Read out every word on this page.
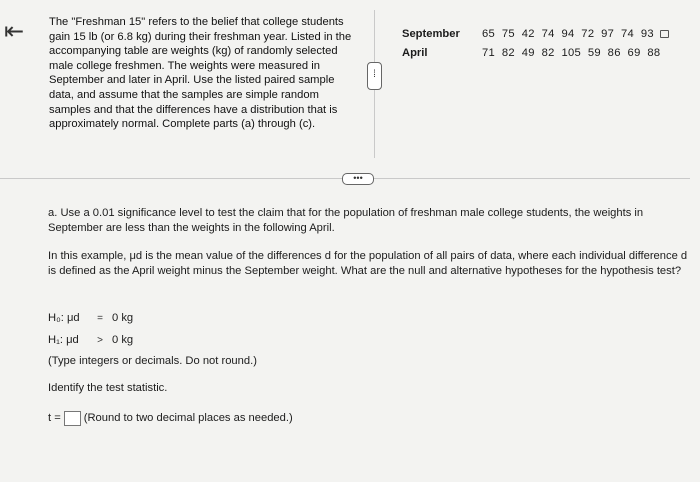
⇤ The "Freshman 15" refers to the belief that college students gain 15 lb (or 6.8 kg) during their freshman year. Listed in the accompanying table are weights (kg) of randomly selected male college freshmen. The weights were measured in September and later in April. Use the listed paired sample data, and assume that the samples are simple random samples and that the differences have a distribution that is approximately normal. Complete parts (a) through (c).
⁞
September	65  75  42  74  94  72  97  74  93
April	71  82  49  82  105  59  86  69  88
•••
a. Use a 0.01 significance level to test the claim that for the population of freshman male college students, the weights in September are less than the weights in the following April.
In this example, μd is the mean value of the differences d for the population of all pairs of data, where each individual difference d is defined as the April weight minus the September weight. What are the null and alternative hypotheses for the hypothesis test?
H₀: μd	= 0 kg
H₁: μd	> 0 kg
(Type integers or decimals. Do not round.)
Identify the test statistic.
t = (Round to two decimal places as needed.)
